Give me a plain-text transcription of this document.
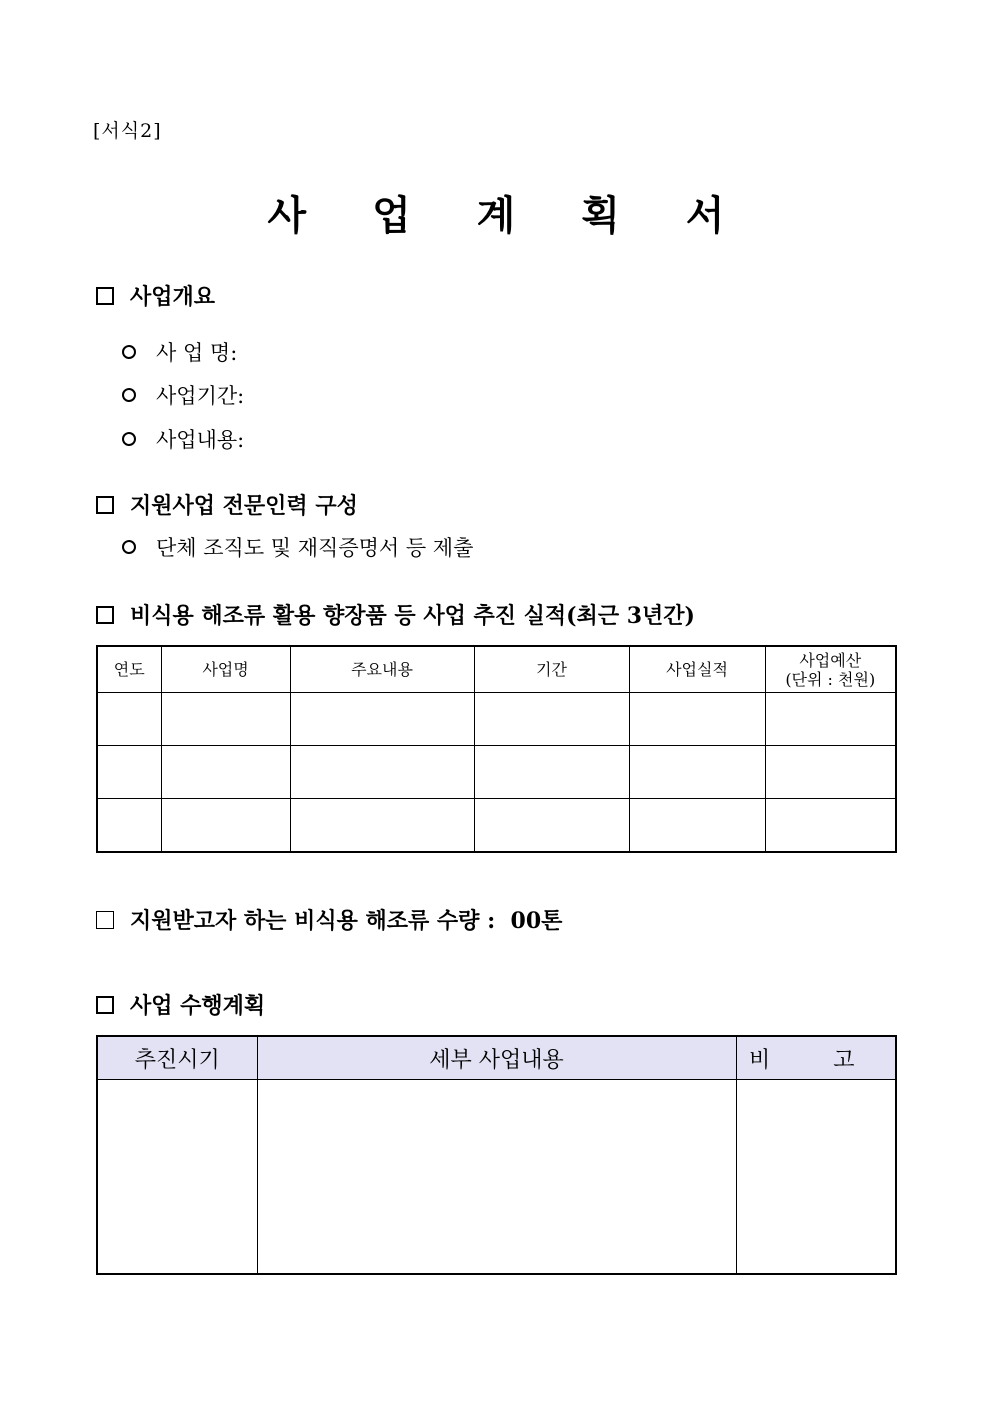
[서식2]
사 업 계 획 서
사업개요
사 업 명:
사업기간:
사업내용:
지원사업 전문인력 구성
단체 조직도 및 재직증명서 등 제출
비식용 해조류 활용 향장품 등 사업 추진 실적(최근 3년간)
연도	사업명	주요내용	기간	사업실적	사업예산
(단위 : 천원)

지원받고자 하는 비식용 해조류 수량 :  00톤
사업 수행계획
추진시기	세부 사업내용	비 고
